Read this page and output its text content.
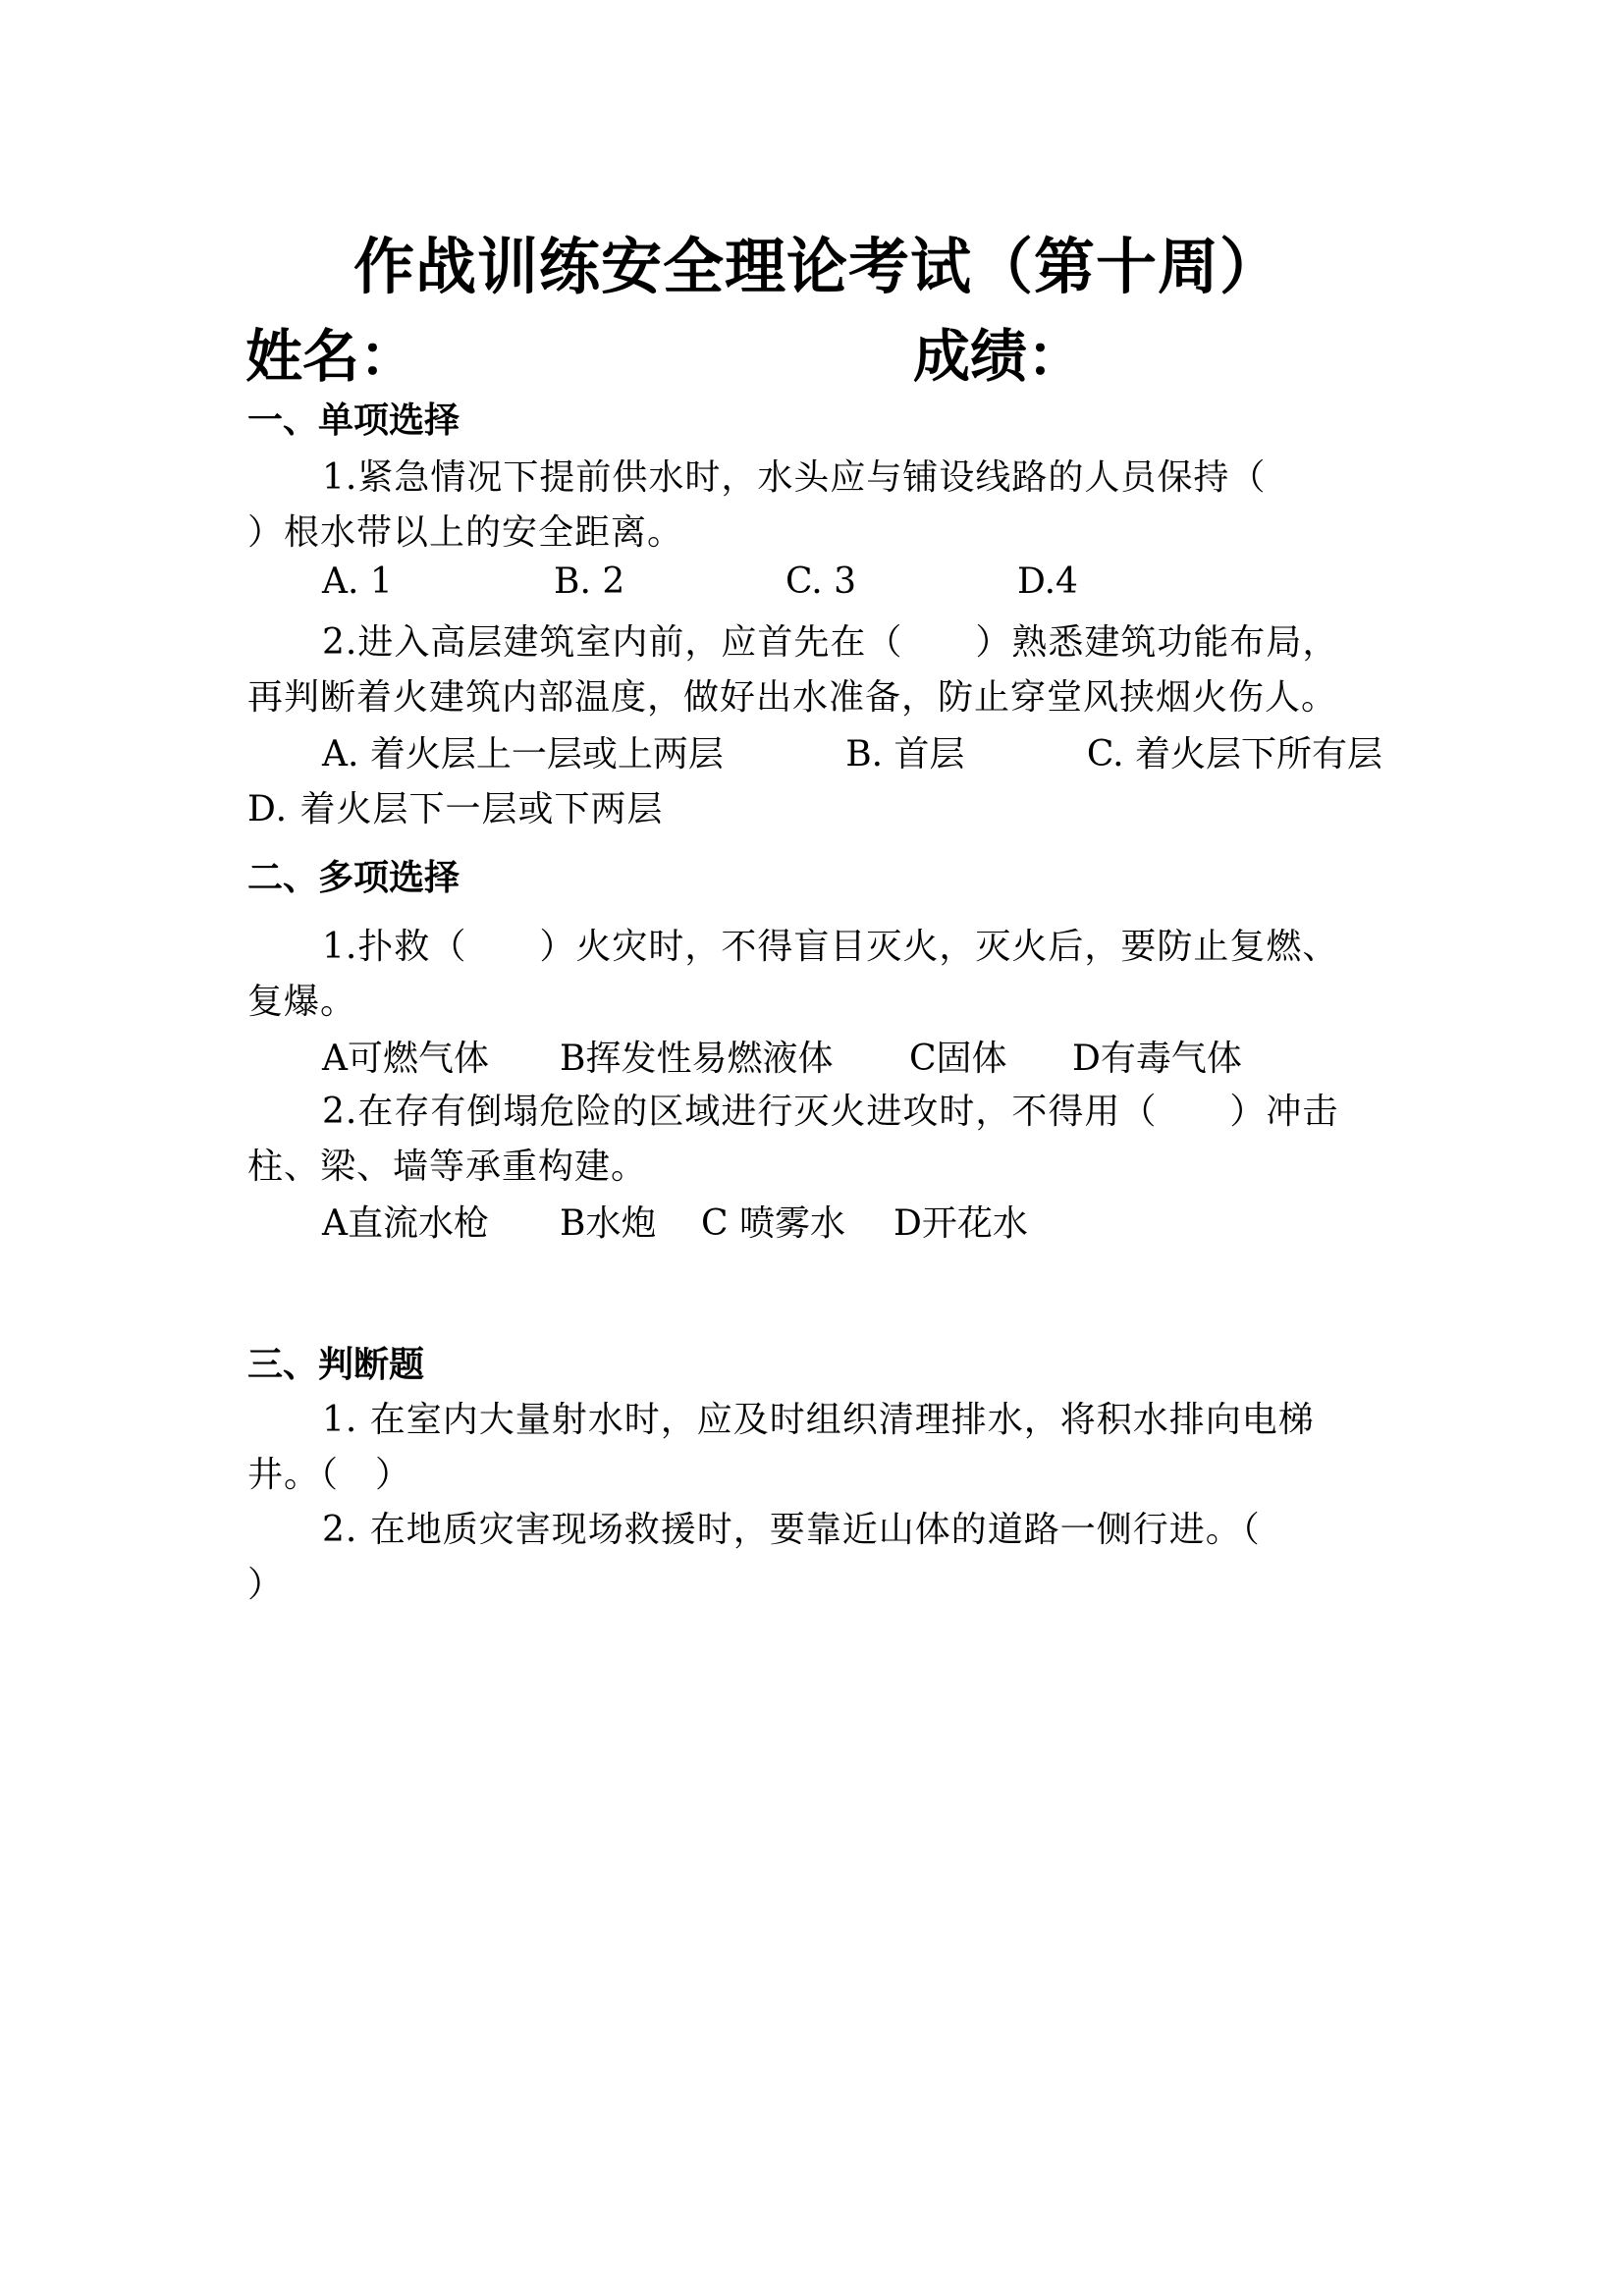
作战训练安全理论考试（第十周）
姓名：	成绩：
一、单项选择
1.紧急情况下提前供水时，水头应与铺设线路的人员保持（
）根水带以上的安全距离。
A. 1	B. 2	C. 3	D.4
2.进入高层建筑室内前，应首先在（　　）熟悉建筑功能布局，
再判断着火建筑内部温度，做好出水准备，防止穿堂风挟烟火伤人。
A. 着火层上一层或上两层	B. 首层	C. 着火层下所有层
D. 着火层下一层或下两层
二、多项选择
1.扑救（　　）火灾时，不得盲目灭火，灭火后，要防止复燃、
复爆。
A可燃气体 B挥发性易燃液体 C固体 D有毒气体
2.在存有倒塌危险的区域进行灭火进攻时，不得用（　　）冲击
柱、梁、墙等承重构建。
A直流水枪 B水炮 C 喷雾水 D开花水
三、判断题
1. 在室内大量射水时，应及时组织清理排水，将积水排向电梯
井。（　）
2. 在地质灾害现场救援时，要靠近山体的道路一侧行进。（
）
